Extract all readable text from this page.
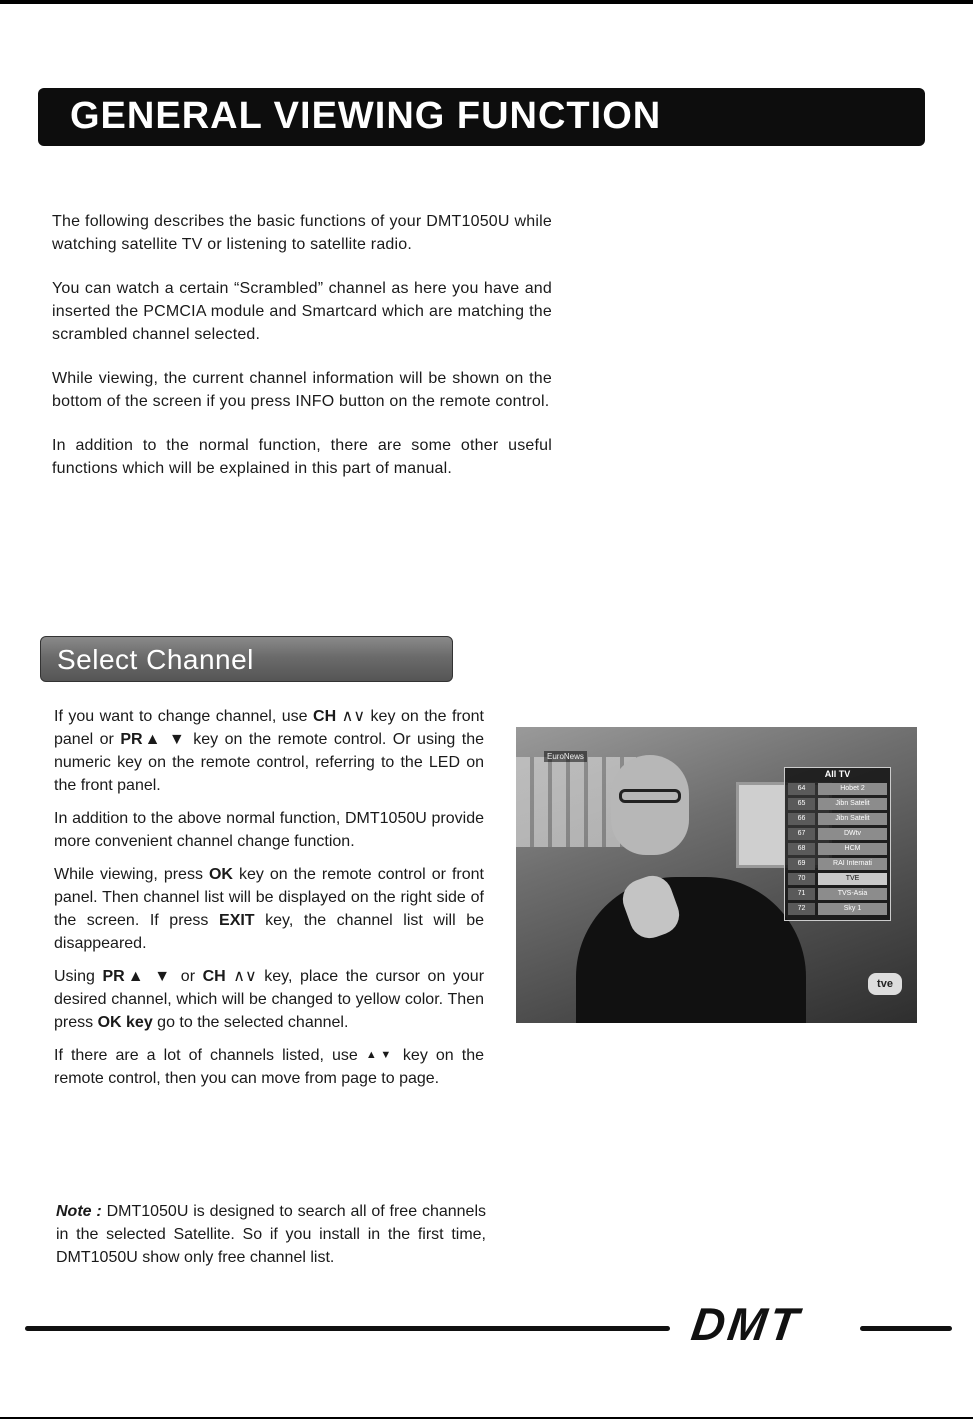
GENERAL VIEWING FUNCTION

The following describes the basic functions of your DMT1050U while watching satellite TV or listening to satellite radio.

You can watch a certain “Scrambled” channel as here you have and inserted the PCMCIA module and Smartcard which are matching the scrambled channel selected.

While viewing, the current channel information will be shown on the bottom of the screen if you press INFO button on the remote control.

In addition to the normal function, there are some other useful functions which will be explained in this part of manual.

Select Channel

If you want to change channel, use CH ∧∨ key on the front panel or PR▲ ▼ key on the remote control. Or using the numeric key on the remote control, referring to the LED on the front panel.

In addition to the above normal function, DMT1050U provide more convenient channel change function.

While viewing, press OK key on the remote control or front panel. Then channel list will be displayed on the right side of the screen. If press EXIT key, the channel list will be disappeared.

Using PR▲ ▼ or CH ∧∨ key, place the cursor on your desired channel, which will be changed to yellow color. Then press OK key go to the selected channel.

If there are a lot of channels listed, use ▲▼ key on the remote control, then you can move from page to page.

Note : DMT1050U is designed to search all of free channels in the selected Satellite. So if you install in the first time, DMT1050U show only free channel list.

EuroNews
tve
All TV
64	Hobet 2
65	Jibn Satelit
66	Jibn Satelit
67	DWtv
68	HCM
69	RAI Internati
70	TVE
71	TVS-Asia
72	Sky 1
DMT
